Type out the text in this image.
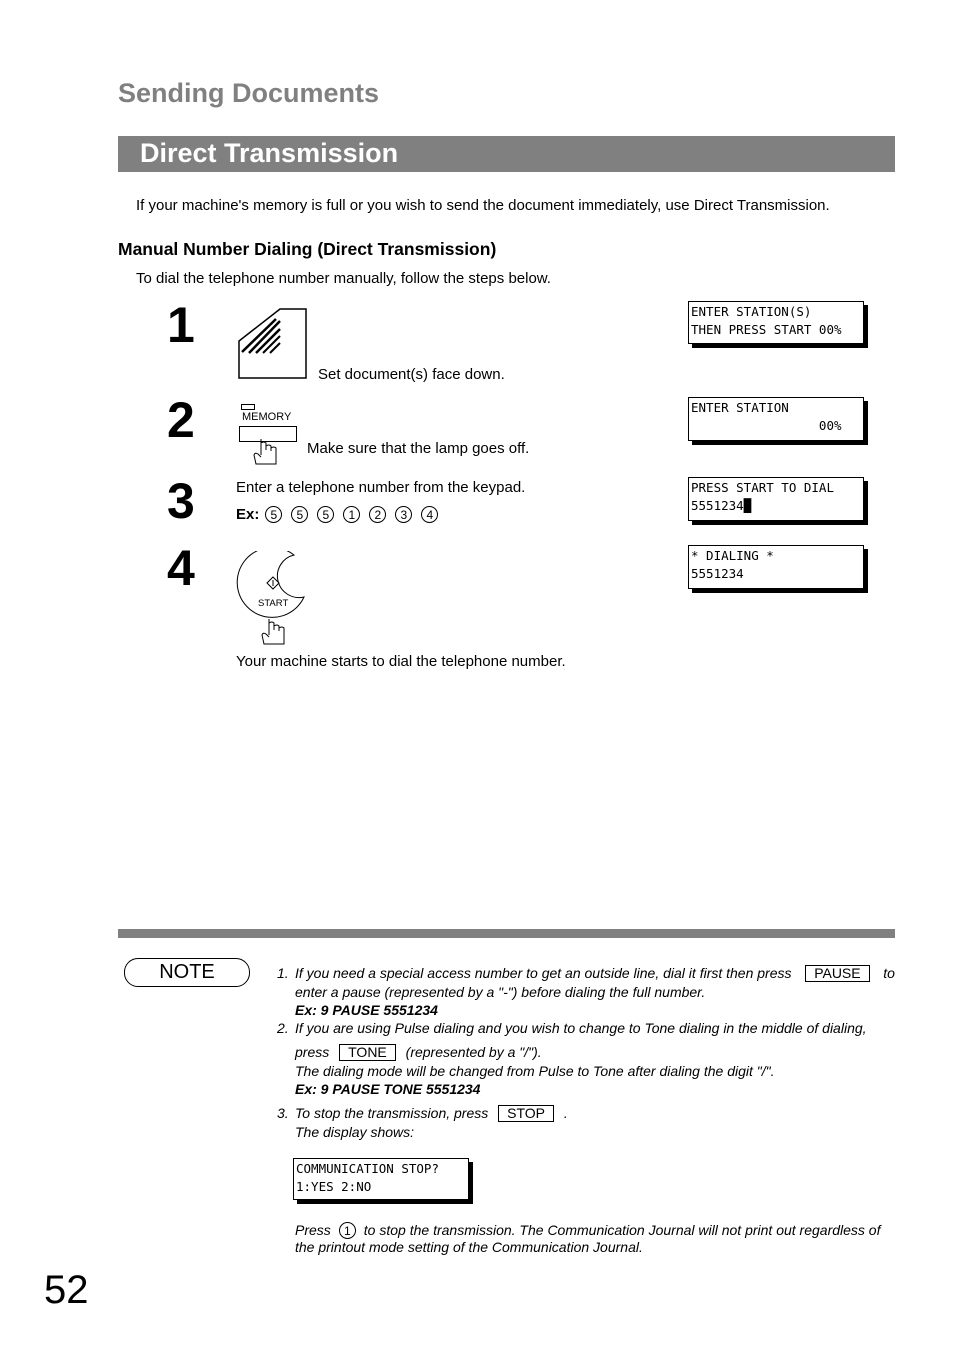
Sending Documents
Direct Transmission
If your machine's memory is full or you wish to send the document immediately, use Direct Transmission.
Manual Number Dialing (Direct Transmission)
To dial the telephone number manually, follow the steps below.
1
Set document(s) face down.
ENTER STATION(S)
THEN PRESS START 00%
2	MEMORY
Make sure that the lamp goes off.
ENTER STATION
00%
3	Enter a telephone number from the keypad.
Ex: 5	5	5	1	2	3	4
PRESS START TO DIAL
5551234█
4
START
Your machine starts to dial the telephone number.
* DIALING *
5551234
NOTE	1. If you need a special access number to get an outside line, dial it first then press	PAUSE	to
enter a pause (represented by a "-") before dialing the full number.
Ex: 9 PAUSE 5551234
2. If you are using Pulse dialing and you wish to change to Tone dialing in the middle of dialing,
press TONE (represented by a "/").
The dialing mode will be changed from Pulse to Tone after dialing the digit "/".
Ex: 9 PAUSE TONE 5551234
3. To stop the transmission, press STOP .
The display shows:
COMMUNICATION STOP?
1:YES 2:NO
Press	1 to stop the transmission. The Communication Journal will not print out regardless of
the printout mode setting of the Communication Journal.
52
